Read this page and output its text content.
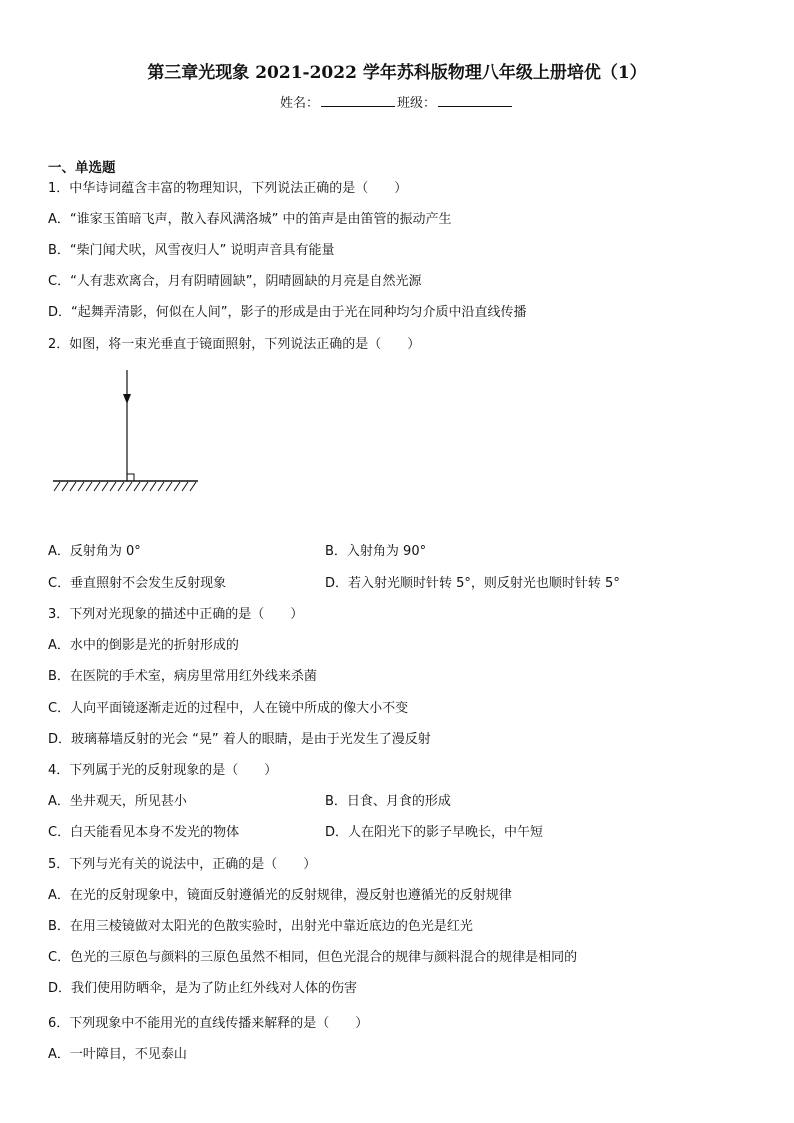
第三章光现象 2021-2022 学年苏科版物理八年级上册培优（1）
姓名：	班级：
一、单选题
1．中华诗词蕴含丰富的物理知识，下列说法正确的是（　　）
A．“谁家玉笛暗飞声，散入春风满洛城” 中的笛声是由笛管的振动产生
B．“柴门闻犬吠，风雪夜归人” 说明声音具有能量
C．“人有悲欢离合，月有阴晴圆缺”，阴晴圆缺的月亮是自然光源
D．“起舞弄清影，何似在人间”，影子的形成是由于光在同种均匀介质中沿直线传播
2．如图，将一束光垂直于镜面照射，下列说法正确的是（　　）
A．反射角为 0°	B．入射角为 90°
C．垂直照射不会发生反射现象	D．若入射光顺时针转 5°，则反射光也顺时针转 5°
3．下列对光现象的描述中正确的是（　　）
A．水中的倒影是光的折射形成的
B．在医院的手术室，病房里常用红外线来杀菌
C．人向平面镜逐渐走近的过程中，人在镜中所成的像大小不变
D．玻璃幕墙反射的光会 “晃” 着人的眼睛，是由于光发生了漫反射
4．下列属于光的反射现象的是（　　）
A．坐井观天，所见甚小	B．日食、月食的形成
C．白天能看见本身不发光的物体	D．人在阳光下的影子早晚长，中午短
5．下列与光有关的说法中，正确的是（　　）
A．在光的反射现象中，镜面反射遵循光的反射规律，漫反射也遵循光的反射规律
B．在用三棱镜做对太阳光的色散实验时，出射光中靠近底边的色光是红光
C．色光的三原色与颜料的三原色虽然不相同，但色光混合的规律与颜料混合的规律是相同的
D．我们使用防晒伞，是为了防止红外线对人体的伤害
6．下列现象中不能用光的直线传播来解释的是（　　）
A．一叶障目，不见泰山
